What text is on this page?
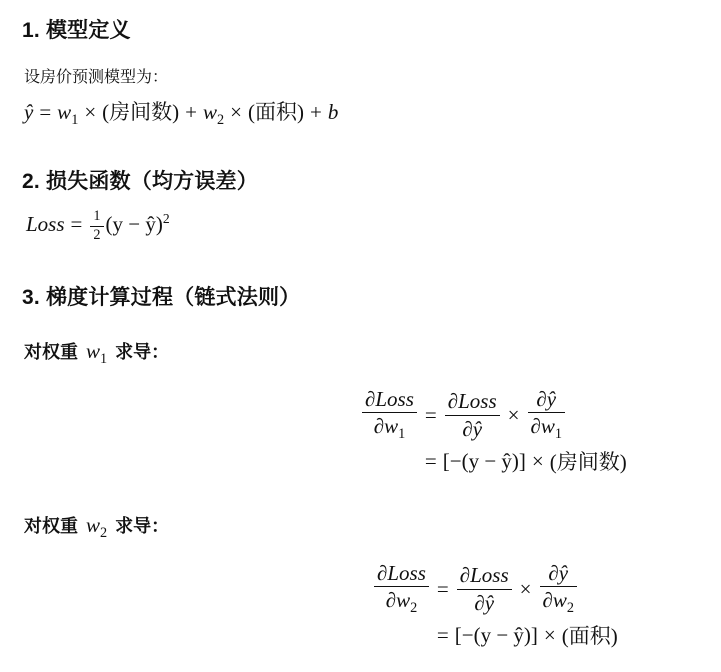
1. 模型定义
设房价预测模型为：
ŷ = $w_1$ × (房间数) + $w_2$ × (面积) + b
2. 损失函数（均方误差）
Loss = $\frac{1}{2} (y$ − ŷ)$^2$
3. 梯度计算过程（链式法则）
对权重 $w_1$ 求导：
$\frac{\text{∂Loss}}{\partial w_1} = \frac{\text{∂Loss}}{\partial ŷ} \times \frac{\partial ŷ}{\partial w_1}$
= [−(y − ŷ)] × (房间数)
对权重 $w_2$ 求导：
$\frac{\text{∂Loss}}{\partial w_2} = \frac{\text{∂Loss}}{\partial ŷ} \times \frac{\partial ŷ}{\partial w_2}$
= [−(y − ŷ)] × (面积)
